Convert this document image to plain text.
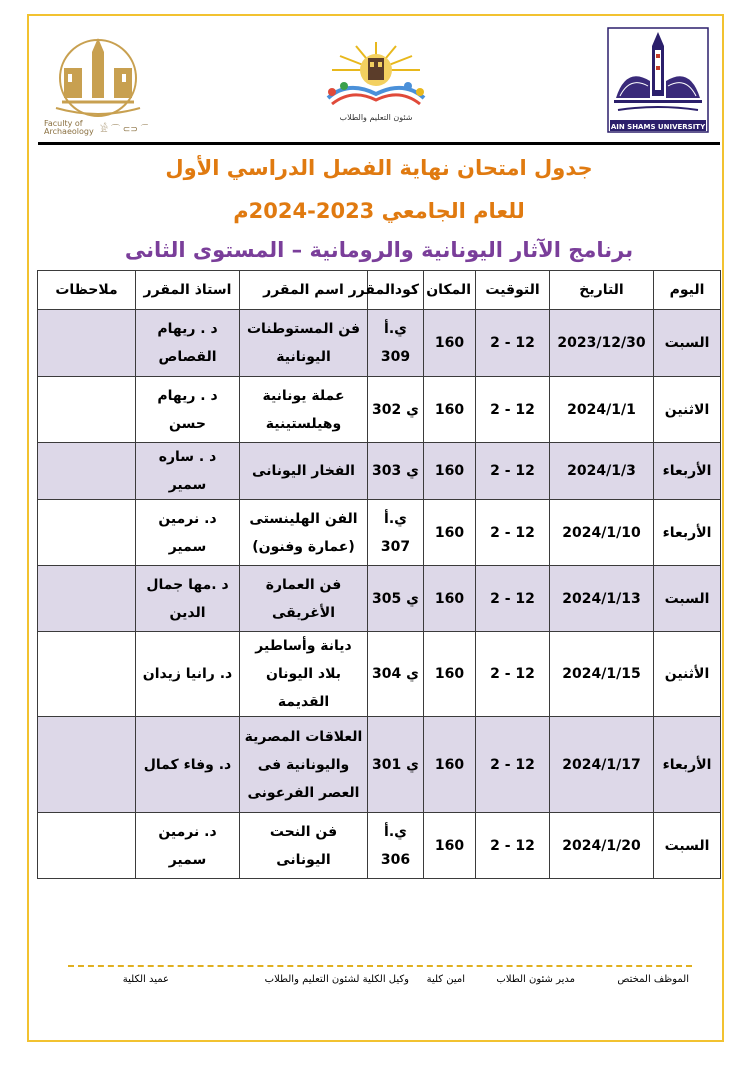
AIN SHAMS UNIVERSITY
شئون التعليم والطلاب
Faculty of
Archaeology 𓀀 ⌒ ⊂⊃ ⌒
جدول امتحان نهاية الفصل الدراسي الأول
للعام الجامعي 2023-2024م
برنامج الآثار اليونانية والرومانية – المستوى الثانى
اليوم	التاريخ	التوقيت	المكان	كودالمقرر	اسم المقرر	استاذ المقرر	ملاحظات
السبت	2023/12/30	12 - 2	160	ي.أ 309	فن المستوطنات اليونانية	د . ريهام القصاص	
الاثنين	2024/1/1	12 - 2	160	ي 302	عملة يونانية وهيلستينية	د . ريهام حسن	
الأربعاء	2024/1/3	12 - 2	160	ي 303	الفخار اليونانى	د . ساره سمير	
الأربعاء	2024/1/10	12 - 2	160	ي.أ 307	الفن الهلينستى (عمارة وفنون)	د. نرمين سمير	
السبت	2024/1/13	12 - 2	160	ي 305	فن العمارة الأغريقى	د .مها جمال الدين	
الأثنين	2024/1/15	12 - 2	160	ي 304	ديانة وأساطير بلاد اليونان القديمة	د. رانيا زيدان	
الأربعاء	2024/1/17	12 - 2	160	ي 301	العلاقات المصرية واليونانية فى العصر الفرعونى	د. وفاء كمال	
السبت	2024/1/20	12 - 2	160	ي.أ 306	فن النحت اليونانى	د. نرمين سمير	
الموظف المختص
مدير شئون الطلاب
امين كلية
وكيل الكلية لشئون التعليم والطلاب
عميد الكلية
